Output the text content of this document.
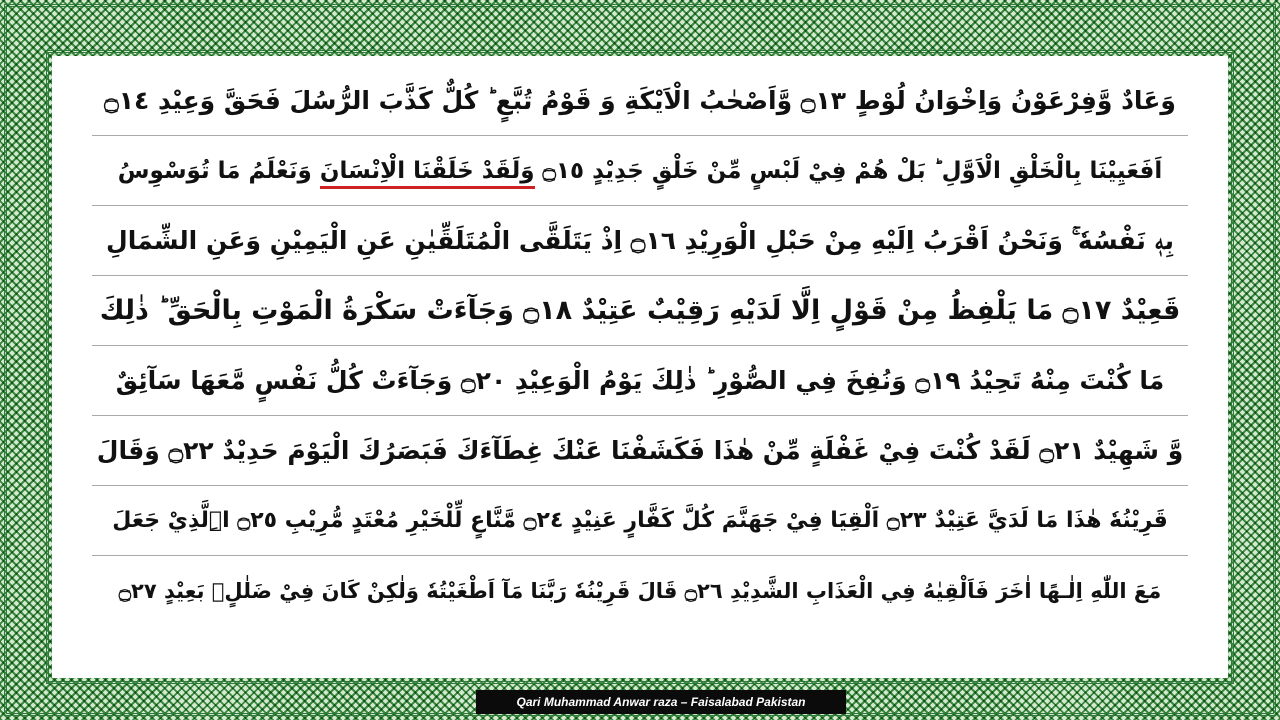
وَعَادٌ وَّفِرْعَوْنُ وَاِخْوَانُ لُوْطٍ ۝١٣ وَّاَصْحٰبُ الْاَيْكَةِ وَ قَوْمُ تُبَّعٍ ؕ كُلٌّ كَذَّبَ الرُّسُلَ فَحَقَّ وَعِيْدِ ۝١٤
اَفَعَيِيْنَا بِالْخَلْقِ الْاَوَّلِ ؕ بَلْ هُمْ فِيْ لَبْسٍ مِّنْ خَلْقٍ جَدِيْدٍ ۝١٥ وَلَقَدْ خَلَقْنَا الْاِنْسَانَ وَنَعْلَمُ مَا تُوَسْوِسُ
بِهٖ نَفْسُهٗ ۚ وَنَحْنُ اَقْرَبُ اِلَيْهِ مِنْ حَبْلِ الْوَرِيْدِ ۝١٦ اِذْ يَتَلَقَّى الْمُتَلَقِّيٰنِ عَنِ الْيَمِيْنِ وَعَنِ الشِّمَالِ
قَعِيْدٌ ۝١٧ مَا يَلْفِظُ مِنْ قَوْلٍ اِلَّا لَدَيْهِ رَقِيْبٌ عَتِيْدٌ ۝١٨ وَجَآءَتْ سَكْرَةُ الْمَوْتِ بِالْحَقِّ ؕ ذٰلِكَ
مَا كُنْتَ مِنْهُ تَحِيْدُ ۝١٩ وَنُفِخَ فِي الصُّوْرِ ؕ ذٰلِكَ يَوْمُ الْوَعِيْدِ ۝٢٠ وَجَآءَتْ كُلُّ نَفْسٍ مَّعَهَا سَآئِقٌ
وَّ شَهِيْدٌ ۝٢١ لَقَدْ كُنْتَ فِيْ غَفْلَةٍ مِّنْ هٰذَا فَكَشَفْنَا عَنْكَ غِطَآءَكَ فَبَصَرُكَ الْيَوْمَ حَدِيْدٌ ۝٢٢ وَقَالَ
قَرِيْنُهٗ هٰذَا مَا لَدَيَّ عَتِيْدٌ ۝٢٣ اَلْقِيَا فِيْ جَهَنَّمَ كُلَّ كَفَّارٍ عَنِيْدٍ ۝٢٤ مَّنَّاعٍ لِّلْخَيْرِ مُعْتَدٍ مُّرِيْبِ ۝٢٥ اِۨلَّذِيْ جَعَلَ
مَعَ اللّٰهِ اِلٰـهًا اٰخَرَ فَاَلْقِيٰهُ فِي الْعَذَابِ الشَّدِيْدِ ۝٢٦ قَالَ قَرِيْنُهٗ رَبَّنَا مَآ اَطْغَيْتُهٗ وَلٰكِنْ كَانَ فِيْ ضَلٰلٍۢ بَعِيْدٍ ۝٢٧
Qari Muhammad Anwar raza – Faisalabad Pakistan
